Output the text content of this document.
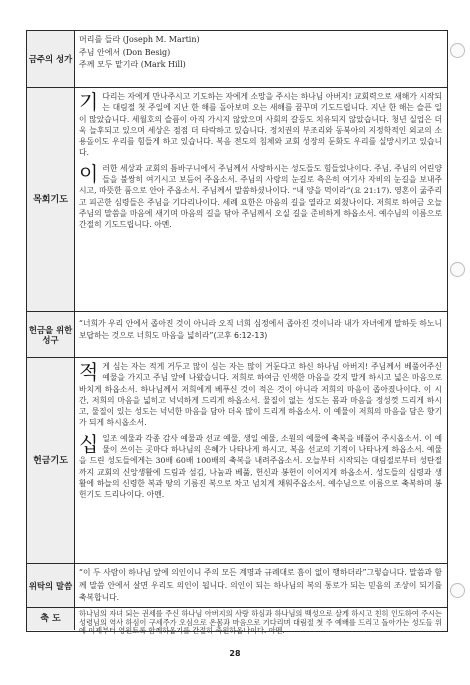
금주의 성가
머리를 들라 (Joseph M. Martin)
주님 안에서 (Don Besig)
주께 모두 맡기라 (Mark Hill)
목 회 기 도

기다리는 자에게 만나주시고 기도하는 자에게 소망을 주시는 하나님 아버지! 교회력으로 새해가 시작되는 대림절 첫 주일에 지난 한 해를 돌아보며 오는 새해를 꿈꾸며 기도드립니다. 지난 한 해는 슬픈 일이 많았습니다. 세월호의 슬픔이 아직 가시지 않았으며 사회의 갈등도 치유되지 않았습니다. 청년 실업은 더욱 늘후되고 있으며 세상은 점점 더 타락하고 있습니다. 정치권의 부조리와 동북아의 지정학적인 외교의 소용돌이도 우리를 힘들게 하고 있습니다. 복음 전도의 침체와 교회 성장의 둔화도 우리를 실망시키고 있습니다.

이러한 세상과 교회의 틈바구니에서 주님께서 사랑하시는 성도들도 힘들었나이다. 주님, 주님의 어린양들을 불쌍히 여기시고 보듬어 주옵소서. 주님의 사랑의 눈길로 측은히 여기사 자비의 눈길을 보내주시고, 따뜻한 품으로 안아 주옵소서. 주님께서 말씀하셨나이다. “내 양을 먹이라”(요 21:17). 영혼이 굶주리고 피곤한 심령들은 주님을 기다리나이다. 세례 요한은 마음의 길을 열라고 외쳤나이다. 저희로 하여금 오늘 주님의 말씀을 마음에 새기며 마음의 길을 닦아 주님께서 오실 길을 준비하게 하옵소서. 예수님의 이름으로 간절히 기도드립니다. 아멘.

헌금을 위한 성구
“너희가 우리 안에서 좁아진 것이 아니라 오직 너희 심정에서 좁아진 것이니라 내가 자녀에게 말하듯 하노니 보답하는 것으로 너희도 마음을 넓히라”(고후 6:12-13)
헌 금 기 도

적게 심는 자는 적게 거두고 많이 심는 자는 많이 거둔다고 하신 하나님 아버지! 주님께서 베풀어주신 예물을 가지고 주님 앞에 나왔습니다. 저희로 하여금 인색한 마음을 갖지 말게 하시고 넓은 마음으로 바치게 하옵소서. 하나님께서 저희에게 베푸신 것이 적은 것이 아니라 저희의 마음이 좁아졌나이다. 이 시간, 저희의 마음을 넓히고 넉넉하게 드리게 하옵소서. 물질이 없는 성도는 몸과 마음을 정성껏 드리게 하시고, 물질이 있는 성도는 넉넉한 마음을 담아 더욱 많이 드리게 하옵소서. 이 예물이 저희의 마음을 담은 향기가 되게 하시옵소서.

십일조 예물과 각종 감사 예물과 선교 예물, 생일 예물, 소원의 예물에 축복을 배풀어 주시옵소서. 이 예물이 쓰이는 곳마다 하나님의 은혜가 나타나게 하시고, 복음 선교의 기적이 나타나게 하옵소서. 예물을 드린 성도들에게는 30배 60배 100배의 축복을 내려주옵소서. 오늘부터 시작되는 대림절로부터 성탄절까지 교회의 신앙생활에 드림과 섬김, 나눔과 베풂, 헌신과 봉헌이 이어지게 하옵소서. 성도들의 심령과 생활에 하늘의 신령한 복과 땅의 기름진 복으로 차고 넘치게 채워주옵소서. 예수님으로 이름으로 축복하며 봉헌기도 드리나이다. 아멘.

위탁의 말씀
“이 두 사람이 하나님 앞에 의인이니 주의 모든 계명과 규례대로 흠이 없이 행하더라”그렇습니다. 말씀과 함께 말씀 안에서 살면 우리도 의인이 됩니다. 의인이 되는 하나님의 복의 통로가 되는 믿음의 조상이 되기를 축복합니다.
축 도
하나님의 자녀 되는 권세를 주신 하나님 아버지의 사랑 하심과 하나님의 백성으로 살게 하시고 친히 인도하여 주시는 성령님의 역사 하심이 구세주가 오심으로 온몸과 마음으로 기다리며 대림절 첫 주 예배를 드리고 돌아가는 성도들 위에 이제부터 영원토록 함께하옵기를 간절히 축원하옵나이다. 아멘.
28
